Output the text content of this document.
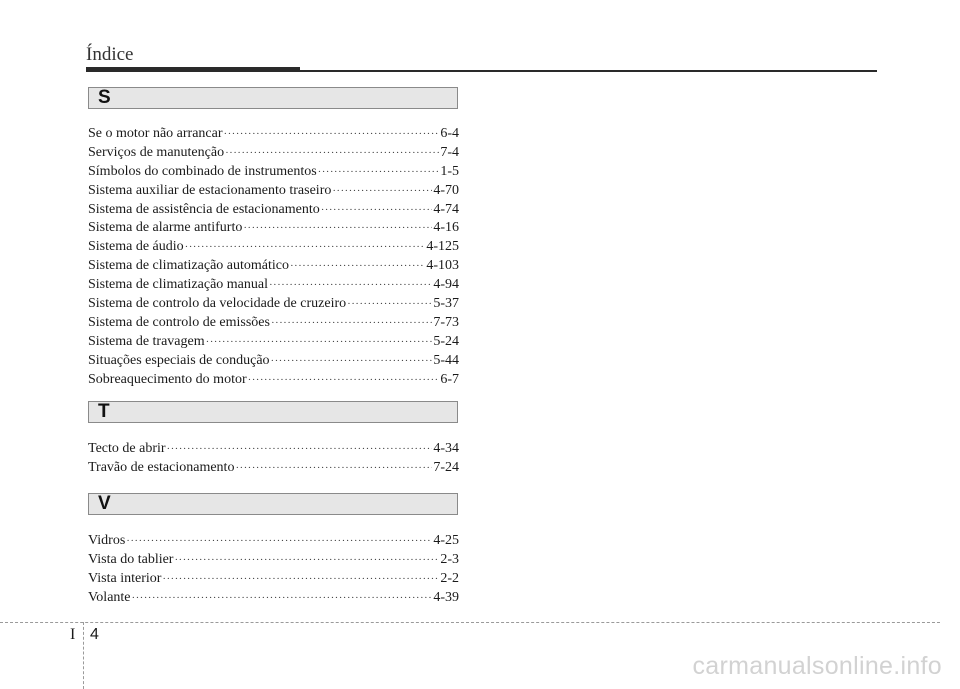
Índice
S
Se o motor não arrancar ·····	6-4
Serviços de manutenção ·····	7-4
Símbolos do combinado de instrumentos ·····	1-5
Sistema auxiliar de estacionamento traseiro ·····	4-70
Sistema de assistência de estacionamento ·····	4-74
Sistema de alarme antifurto ·····	4-16
Sistema de áudio ·····	4-125
Sistema de climatização automático ·····	4-103
Sistema de climatização manual ·····	4-94
Sistema de controlo da velocidade de cruzeiro ·····	5-37
Sistema de controlo de emissões ·····	7-73
Sistema de travagem ·····	5-24
Situações especiais de condução ·····	5-44
Sobreaquecimento do motor ·····	6-7
T
Tecto de abrir ·····	4-34
Travão de estacionamento ·····	7-24
V
Vidros ·····	4-25
Vista do tablier ·····	2-3
Vista interior ·····	2-2
Volante ·····	4-39
I 4
carmanualsonline.info
